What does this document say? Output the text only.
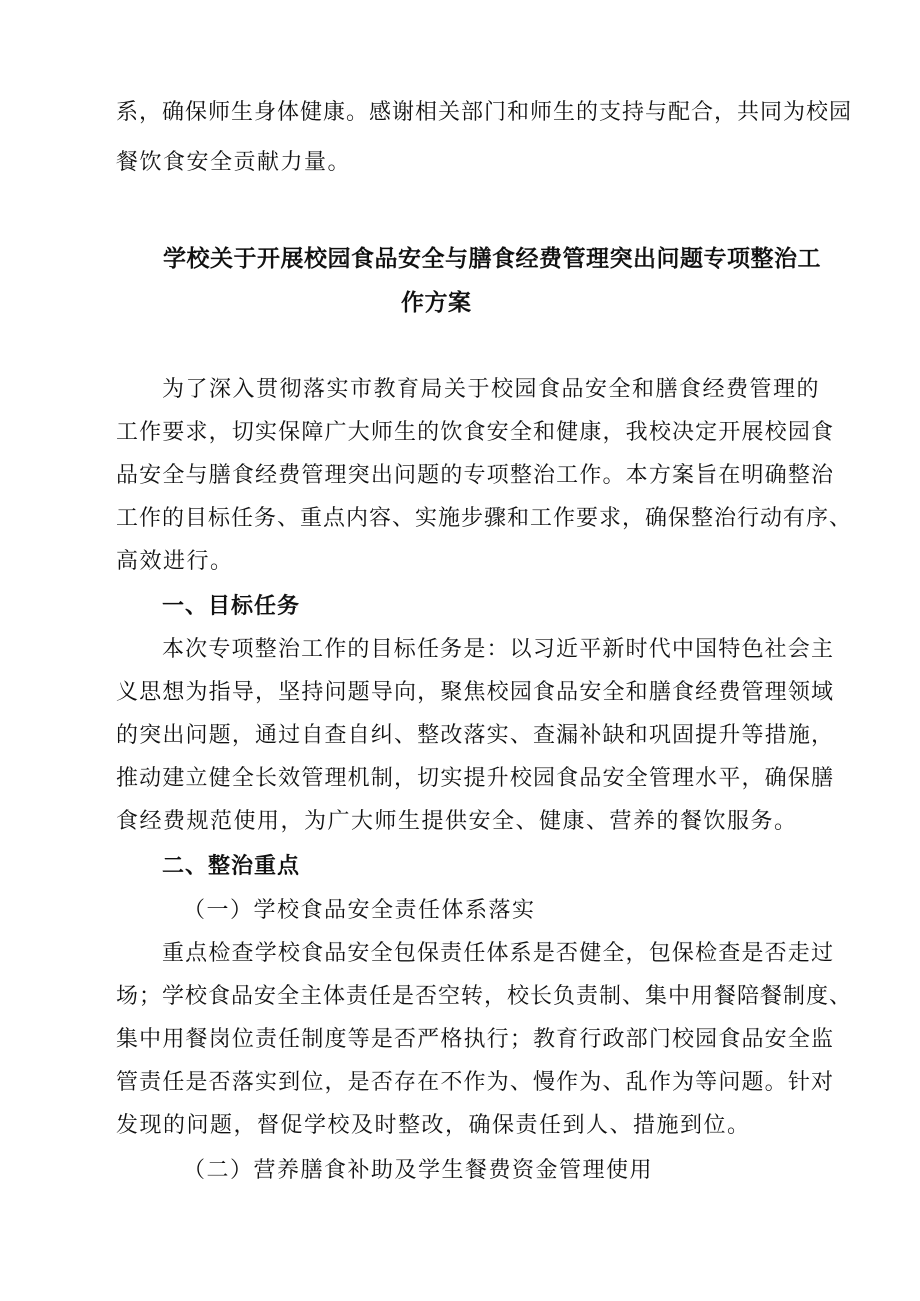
系，确保师生身体健康。感谢相关部门和师生的支持与配合，共同为校园
餐饮食安全贡献力量。
学校关于开展校园食品安全与膳食经费管理突出问题专项整治工
作方案
为了深入贯彻落实市教育局关于校园食品安全和膳食经费管理的
工作要求，切实保障广大师生的饮食安全和健康，我校决定开展校园食
品安全与膳食经费管理突出问题的专项整治工作。本方案旨在明确整治
工作的目标任务、重点内容、实施步骤和工作要求，确保整治行动有序、
高效进行。
一、目标任务
本次专项整治工作的目标任务是：以习近平新时代中国特色社会主
义思想为指导，坚持问题导向，聚焦校园食品安全和膳食经费管理领域
的突出问题，通过自查自纠、整改落实、查漏补缺和巩固提升等措施，
推动建立健全长效管理机制，切实提升校园食品安全管理水平，确保膳
食经费规范使用，为广大师生提供安全、健康、营养的餐饮服务。
二、整治重点
（一）学校食品安全责任体系落实
重点检查学校食品安全包保责任体系是否健全，包保检查是否走过
场；学校食品安全主体责任是否空转，校长负责制、集中用餐陪餐制度、
集中用餐岗位责任制度等是否严格执行；教育行政部门校园食品安全监
管责任是否落实到位，是否存在不作为、慢作为、乱作为等问题。针对
发现的问题，督促学校及时整改，确保责任到人、措施到位。
（二）营养膳食补助及学生餐费资金管理使用
